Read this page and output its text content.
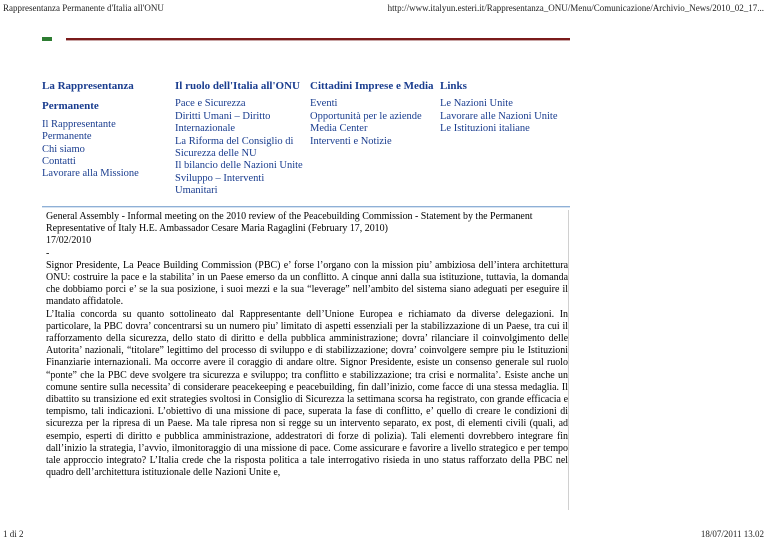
Rappresentanza Permanente d'Italia all'ONU	http://www.italyun.esteri.it/Rappresentanza_ONU/Menu/Comunicazione/Archivio_News/2010_02_17...
La Rappresentanza
Permanente
Il Rappresentante
Permanente
Chi siamo
Contatti
Lavorare alla Missione
Il ruolo dell'Italia all'ONU
Pace e Sicurezza
Diritti Umani – Diritto
Internazionale
La Riforma del Consiglio di
Sicurezza delle NU
Il bilancio delle Nazioni Unite
Sviluppo – Interventi
Umanitari
Cittadini Imprese e Media
Eventi
Opportunità per le aziende
Media Center
Interventi e Notizie
Links
Le Nazioni Unite
Lavorare alle Nazioni Unite
Le Istituzioni italiane

General Assembly - Informal meeting on the 2010 review of the Peacebuilding Commission - Statement by the Permanent Representative of Italy H.E. Ambassador Cesare Maria Ragaglini (February 17, 2010)

17/02/2010

-

Signor Presidente, La Peace Building Commission (PBC) e’ forse l’organo con la mission piu’ ambiziosa dell’intera architettura ONU: costruire la pace e la stabilita’ in un Paese emerso da un conflitto. A cinque anni dalla sua istituzione, tuttavia, la domanda che dobbiamo porci e’ se la sua posizione, i suoi mezzi e la sua “leverage” nell’ambito del sistema siano adeguati per eseguire il mandato affidatole.

L’Italia concorda su quanto sottolineato dal Rappresentante dell’Unione Europea e richiamato da diverse delegazioni. In particolare, la PBC dovra’ concentrarsi su un numero piu’ limitato di aspetti essenziali per la stabilizzazione di un Paese, tra cui il rafforzamento della sicurezza, dello stato di diritto e della pubblica amministrazione; dovra’ rilanciare il coinvolgimento delle Autorita’ nazionali, “titolare” legittimo del processo di sviluppo e di stabilizzazione; dovra’ coinvolgere sempre piu le Istituzioni Finanziarie internazionali. Ma occorre avere il coraggio di andare oltre. Signor Presidente, esiste un consenso generale sul ruolo “ponte” che la PBC deve svolgere tra sicurezza e sviluppo; tra conflitto e stabilizzazione; tra crisi e normalita’. Esiste anche un comune sentire sulla necessita’ di considerare peacekeeping e peacebuilding, fin dall’inizio, come facce di una stessa medaglia. Il dibattito su transizione ed exit strategies svoltosi in Consiglio di Sicurezza la settimana scorsa ha registrato, con grande efficacia e tempismo, tali indicazioni. L’obiettivo di una missione di pace, superata la fase di conflitto, e’ quello di creare le condizioni di sicurezza per la ripresa di un Paese. Ma tale ripresa non si regge su un intervento separato, ex post, di elementi civili (quali, ad esempio, esperti di diritto e pubblica amministrazione, addestratori di forze di polizia). Tali elementi dovrebbero integrare fin dall’inizio la strategia, l’avvio, ilmonitoraggio di una missione di pace. Come assicurare e favorire a livello strategico e per tempo tale approccio integrato? L’Italia crede che la risposta politica a tale interrogativo risieda in uno status rafforzato della PBC nel quadro dell’architettura istituzionale delle Nazioni Unite e,

1 di 2	18/07/2011 13.02
